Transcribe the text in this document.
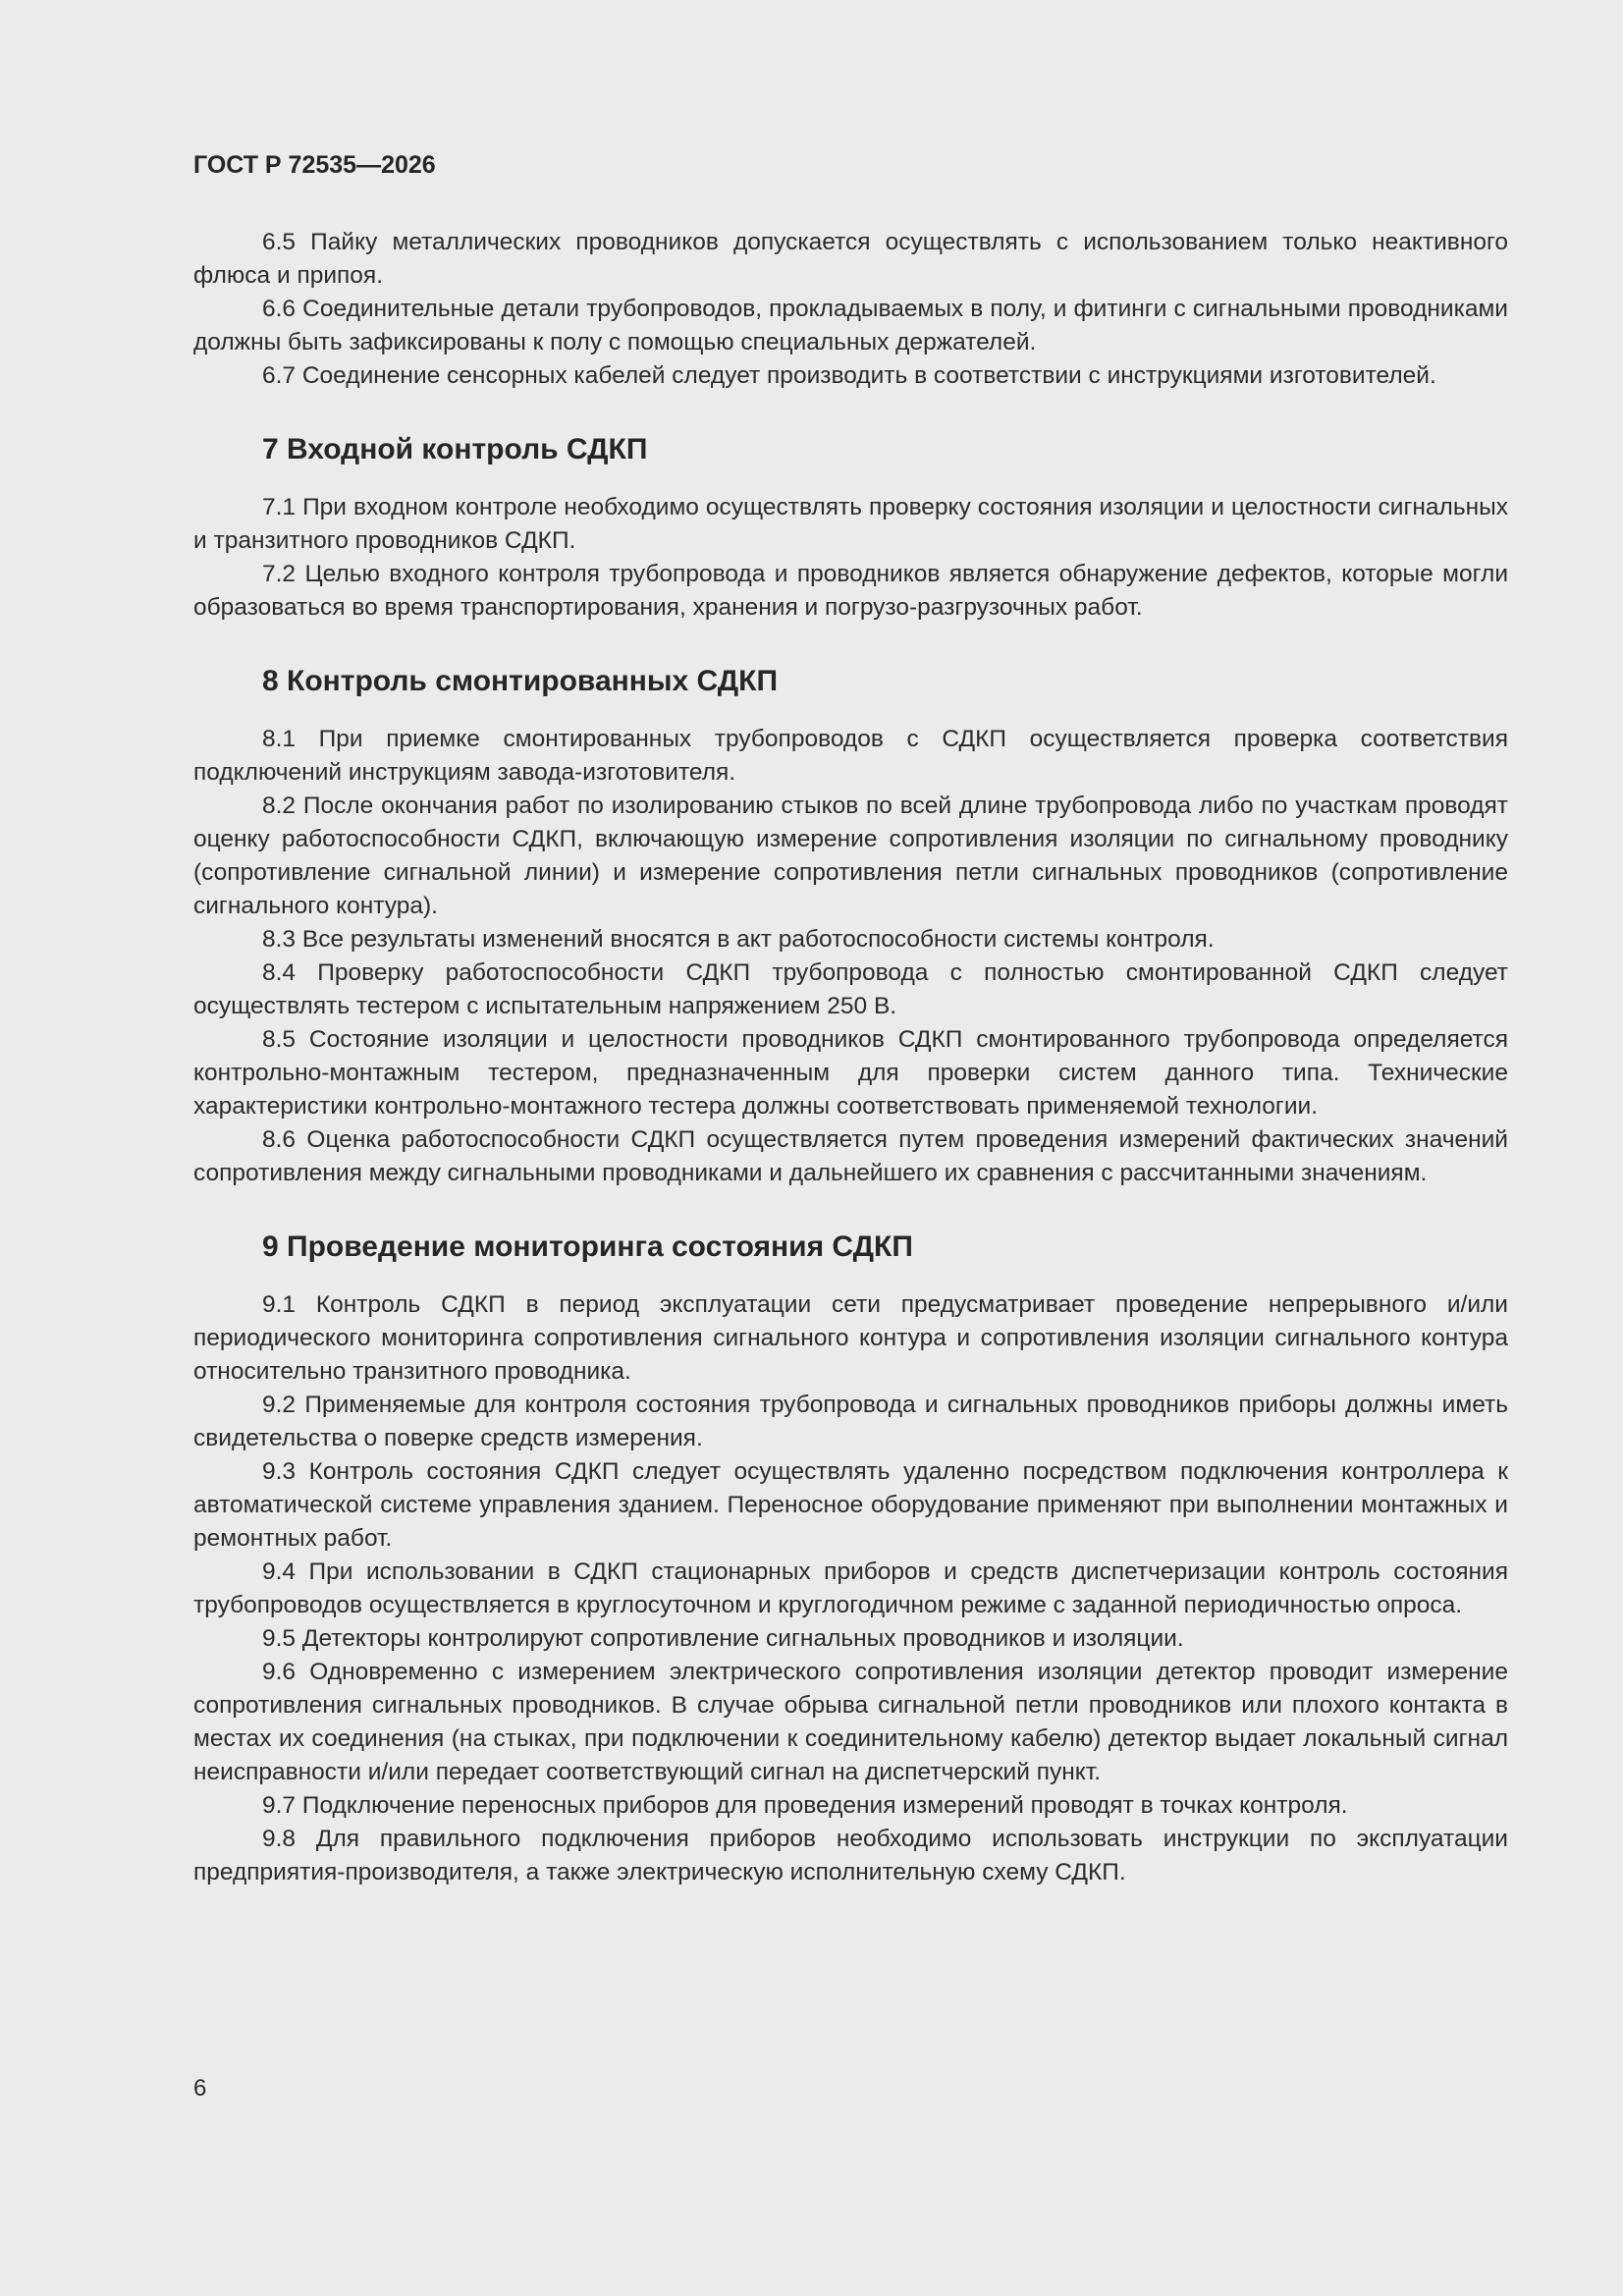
ГОСТ Р 72535—2026

6.5 Пайку металлических проводников допускается осуществлять с использованием только неактивного флюса и припоя.

6.6 Соединительные детали трубопроводов, прокладываемых в полу, и фитинги с сигнальными проводниками должны быть зафиксированы к полу с помощью специальных держателей.

6.7 Соединение сенсорных кабелей следует производить в соответствии с инструкциями изготовителей.

7 Входной контроль СДКП

7.1 При входном контроле необходимо осуществлять проверку состояния изоляции и целостности сигнальных и транзитного проводников СДКП.

7.2 Целью входного контроля трубопровода и проводников является обнаружение дефектов, которые могли образоваться во время транспортирования, хранения и погрузо-разгрузочных работ.

8 Контроль смонтированных СДКП

8.1 При приемке смонтированных трубопроводов с СДКП осуществляется проверка соответствия подключений инструкциям завода-изготовителя.

8.2 После окончания работ по изолированию стыков по всей длине трубопровода либо по участкам проводят оценку работоспособности СДКП, включающую измерение сопротивления изоляции по сигнальному проводнику (сопротивление сигнальной линии) и измерение сопротивления петли сигнальных проводников (сопротивление сигнального контура).

8.3 Все результаты изменений вносятся в акт работоспособности системы контроля.

8.4 Проверку работоспособности СДКП трубопровода с полностью смонтированной СДКП следует осуществлять тестером с испытательным напряжением 250 В.

8.5 Состояние изоляции и целостности проводников СДКП смонтированного трубопровода определяется контрольно-монтажным тестером, предназначенным для проверки систем данного типа. Технические характеристики контрольно-монтажного тестера должны соответствовать применяемой технологии.

8.6 Оценка работоспособности СДКП осуществляется путем проведения измерений фактических значений сопротивления между сигнальными проводниками и дальнейшего их сравнения с рассчитанными значениям.

9 Проведение мониторинга состояния СДКП

9.1 Контроль СДКП в период эксплуатации сети предусматривает проведение непрерывного и/или периодического мониторинга сопротивления сигнального контура и сопротивления изоляции сигнального контура относительно транзитного проводника.

9.2 Применяемые для контроля состояния трубопровода и сигнальных проводников приборы должны иметь свидетельства о поверке средств измерения.

9.3 Контроль состояния СДКП следует осуществлять удаленно посредством подключения контроллера к автоматической системе управления зданием. Переносное оборудование применяют при выполнении монтажных и ремонтных работ.

9.4 При использовании в СДКП стационарных приборов и средств диспетчеризации контроль состояния трубопроводов осуществляется в круглосуточном и круглогодичном режиме с заданной периодичностью опроса.

9.5 Детекторы контролируют сопротивление сигнальных проводников и изоляции.

9.6 Одновременно с измерением электрического сопротивления изоляции детектор проводит измерение сопротивления сигнальных проводников. В случае обрыва сигнальной петли проводников или плохого контакта в местах их соединения (на стыках, при подключении к соединительному кабелю) детектор выдает локальный сигнал неисправности и/или передает соответствующий сигнал на диспетчерский пункт.

9.7 Подключение переносных приборов для проведения измерений проводят в точках контроля.

9.8 Для правильного подключения приборов необходимо использовать инструкции по эксплуатации предприятия-производителя, а также электрическую исполнительную схему СДКП.

6
